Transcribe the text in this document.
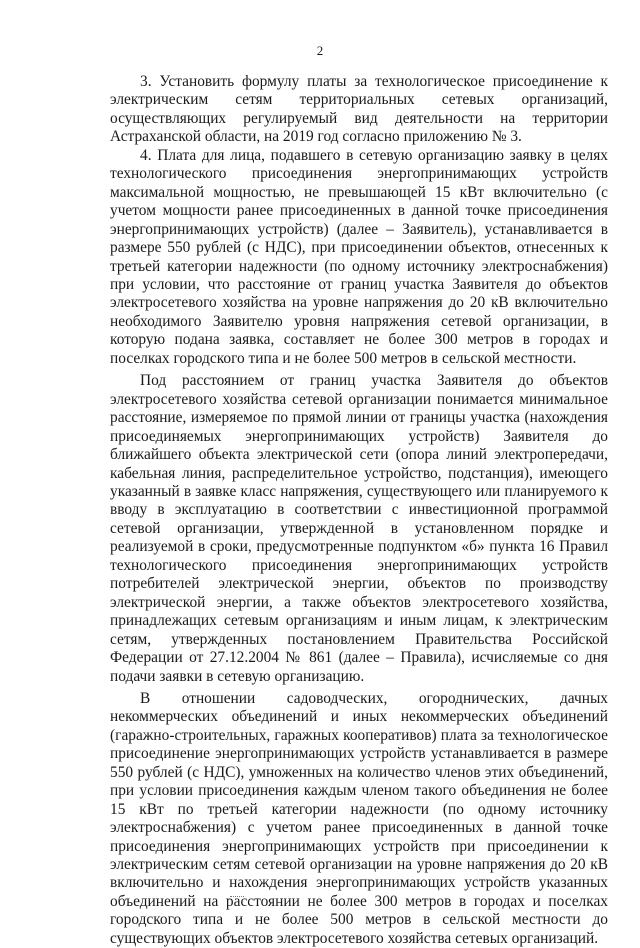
2

3. Установить формулу платы за технологическое присоединение к электрическим сетям территориальных сетевых организаций, осуществляющих регулируемый вид деятельности на территории Астраханской области, на 2019 год согласно приложению № 3.

4. Плата для лица, подавшего в сетевую организацию заявку в целях технологического присоединения энергопринимающих устройств максимальной мощностью, не превышающей 15 кВт включительно (с учетом мощности ранее присоединенных в данной точке присоединения энергопринимающих устройств) (далее – Заявитель), устанавливается в размере 550 рублей (с НДС), при присоединении объектов, отнесенных к третьей категории надежности (по одному источнику электроснабжения) при условии, что расстояние от границ участка Заявителя до объектов электросетевого хозяйства на уровне напряжения до 20 кВ включительно необходимого Заявителю уровня напряжения сетевой организации, в которую подана заявка, составляет не более 300 метров в городах и поселках городского типа и не более 500 метров в сельской местности.

Под расстоянием от границ участка Заявителя до объектов электросетевого хозяйства сетевой организации понимается минимальное расстояние, измеряемое по прямой линии от границы участка (нахождения присоединяемых энергопринимающих устройств) Заявителя до ближайшего объекта электрической сети (опора линий электропередачи, кабельная линия, распределительное устройство, подстанция), имеющего указанный в заявке класс напряжения, существующего или планируемого к вводу в эксплуатацию в соответствии с инвестиционной программой сетевой организации, утвержденной в установленном порядке и реализуемой в сроки, предусмотренные подпунктом «б» пункта 16 Правил технологического присоединения энергопринимающих устройств потребителей электрической энергии, объектов по производству электрической энергии, а также объектов электросетевого хозяйства, принадлежащих сетевым организациям и иным лицам, к электрическим сетям, утвержденных постановлением Правительства Российской Федерации от 27.12.2004 № 861 (далее – Правила), исчисляемые со дня подачи заявки в сетевую организацию.

В отношении садоводческих, огороднических, дачных некоммерческих объединений и иных некоммерческих объединений (гаражно-строительных, гаражных кооперативов) плата за технологическое присоединение энергопринимающих устройств устанавливается в размере 550 рублей (с НДС), умноженных на количество членов этих объединений, при условии присоединения каждым членом такого объединения не более 15 кВт по третьей категории надежности (по одному источнику электроснабжения) с учетом ранее присоединенных в данной точке присоединения энергопринимающих устройств при присоединении к электрическим сетям сетевой организации на уровне напряжения до 20 кВ включительно и нахождения энергопринимающих устройств указанных объединений на расстоянии не более 300 метров в городах и поселках городского типа и не более 500 метров в сельской местности до существующих объектов электросетевого хозяйства сетевых организаций.
